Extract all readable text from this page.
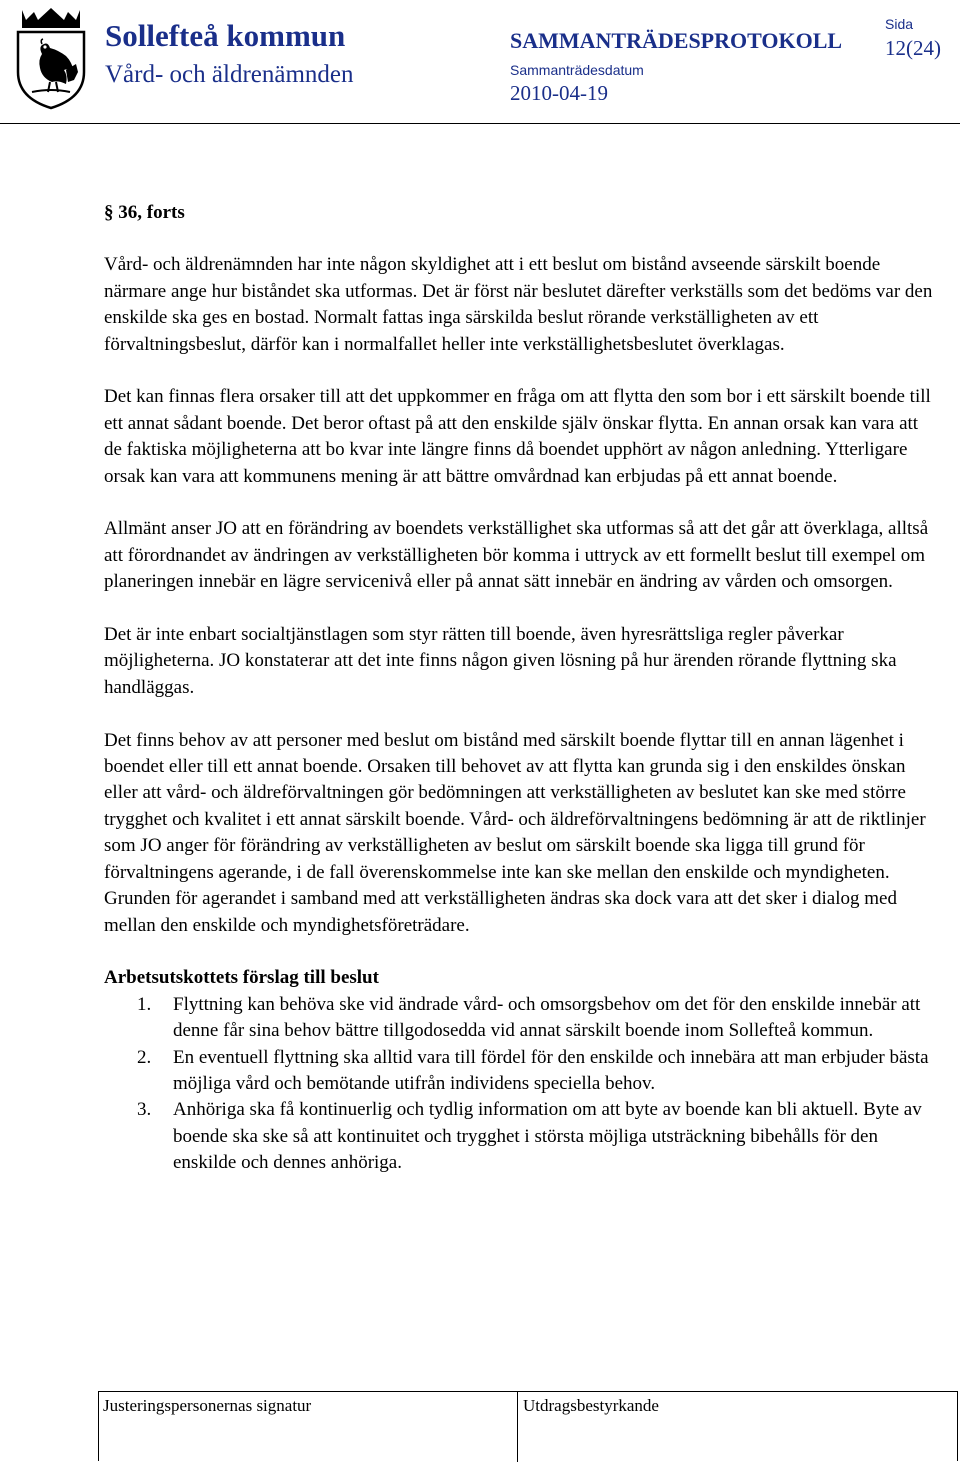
Sollefteå kommun
Vård- och äldrenämnden
SAMMANTRÄDESPROTOKOLL
Sammanträdesdatum
2010-04-19
Sida
12(24)
§ 36, forts

Vård- och äldrenämnden har inte någon skyldighet att i ett beslut om bistånd avseende särskilt boende närmare ange hur biståndet ska utformas. Det är först när beslutet därefter verkställs som det bedöms var den enskilde ska ges en bostad. Normalt fattas inga särskilda beslut rörande verkställigheten av ett förvaltningsbeslut, därför kan i normalfallet heller inte verkställighetsbeslutet överklagas.

Det kan finnas flera orsaker till att det uppkommer en fråga om att flytta den som bor i ett särskilt boende till ett annat sådant boende. Det beror oftast på att den enskilde själv önskar flytta. En annan orsak kan vara att de faktiska möjligheterna att bo kvar inte längre finns då boendet upphört av någon anledning. Ytterligare orsak kan vara att kommunens mening är att bättre omvårdnad kan erbjudas på ett annat boende.

Allmänt anser JO att en förändring av boendets verkställighet ska utformas så att det går att överklaga, alltså att förordnandet av ändringen av verkställigheten bör komma i uttryck av ett formellt beslut till exempel om planeringen innebär en lägre servicenivå eller på annat sätt innebär en ändring av vården och omsorgen.

Det är inte enbart socialtjänstlagen som styr rätten till boende, även hyresrättsliga regler påverkar möjligheterna. JO konstaterar att det inte finns någon given lösning på hur ärenden rörande flyttning ska handläggas.

Det finns behov av att personer med beslut om bistånd med särskilt boende flyttar till en annan lägenhet i boendet eller till ett annat boende. Orsaken till behovet av att flytta kan grunda sig i den enskildes önskan eller att vård- och äldreförvaltningen gör bedömningen att verkställigheten av beslutet kan ske med större trygghet och kvalitet i ett annat särskilt boende. Vård- och äldreförvaltningens bedömning är att de riktlinjer som JO anger för förändring av verkställigheten av beslut om särskilt boende ska ligga till grund för förvaltningens agerande, i de fall överenskommelse inte kan ske mellan den enskilde och myndigheten. Grunden för agerandet i samband med att verkställigheten ändras ska dock vara att det sker i dialog med mellan den enskilde och myndighetsföreträdare.

Arbetsutskottets förslag till beslut
1. Flyttning kan behöva ske vid ändrade vård- och omsorgsbehov om det för den enskilde innebär att denne får sina behov bättre tillgodosedda vid annat särskilt boende inom Sollefteå kommun.
2. En eventuell flyttning ska alltid vara till fördel för den enskilde och innebära att man erbjuder bästa möjliga vård och bemötande utifrån individens speciella behov.
3. Anhöriga ska få kontinuerlig och tydlig information om att byte av boende kan bli aktuell. Byte av boende ska ske så att kontinuitet och trygghet i största möjliga utsträckning bibehålls för den enskilde och dennes anhöriga.
Justeringspersonernas signatur	Utdragsbestyrkande
